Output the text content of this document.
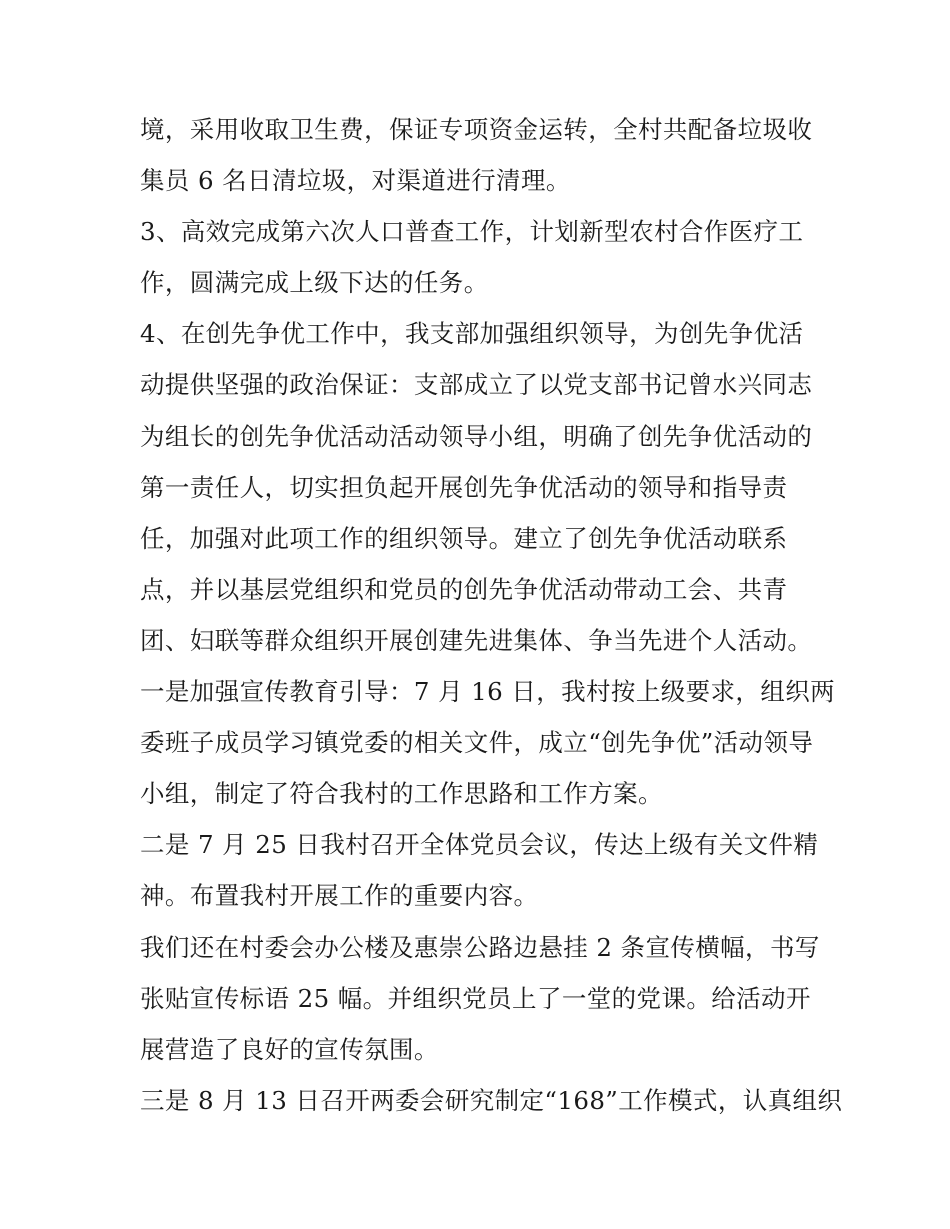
境，采用收取卫生费，保证专项资金运转，全村共配备垃圾收
集员 6 名日清垃圾，对渠道进行清理。
3、高效完成第六次人口普查工作，计划新型农村合作医疗工
作，圆满完成上级下达的任务。
4、在创先争优工作中，我支部加强组织领导，为创先争优活
动提供坚强的政治保证：支部成立了以党支部书记曾水兴同志
为组长的创先争优活动活动领导小组，明确了创先争优活动的
第一责任人，切实担负起开展创先争优活动的领导和指导责
任，加强对此项工作的组织领导。建立了创先争优活动联系
点，并以基层党组织和党员的创先争优活动带动工会、共青
团、妇联等群众组织开展创建先进集体、争当先进个人活动。
一是加强宣传教育引导：7 月 16 日，我村按上级要求，组织两
委班子成员学习镇党委的相关文件，成立“创先争优”活动领导
小组，制定了符合我村的工作思路和工作方案。
二是 7 月 25 日我村召开全体党员会议，传达上级有关文件精
神。布置我村开展工作的重要内容。
我们还在村委会办公楼及惠崇公路边悬挂 2 条宣传横幅，书写
张贴宣传标语 25 幅。并组织党员上了一堂的党课。给活动开
展营造了良好的宣传氛围。
三是 8 月 13 日召开两委会研究制定“168”工作模式，认真组织
